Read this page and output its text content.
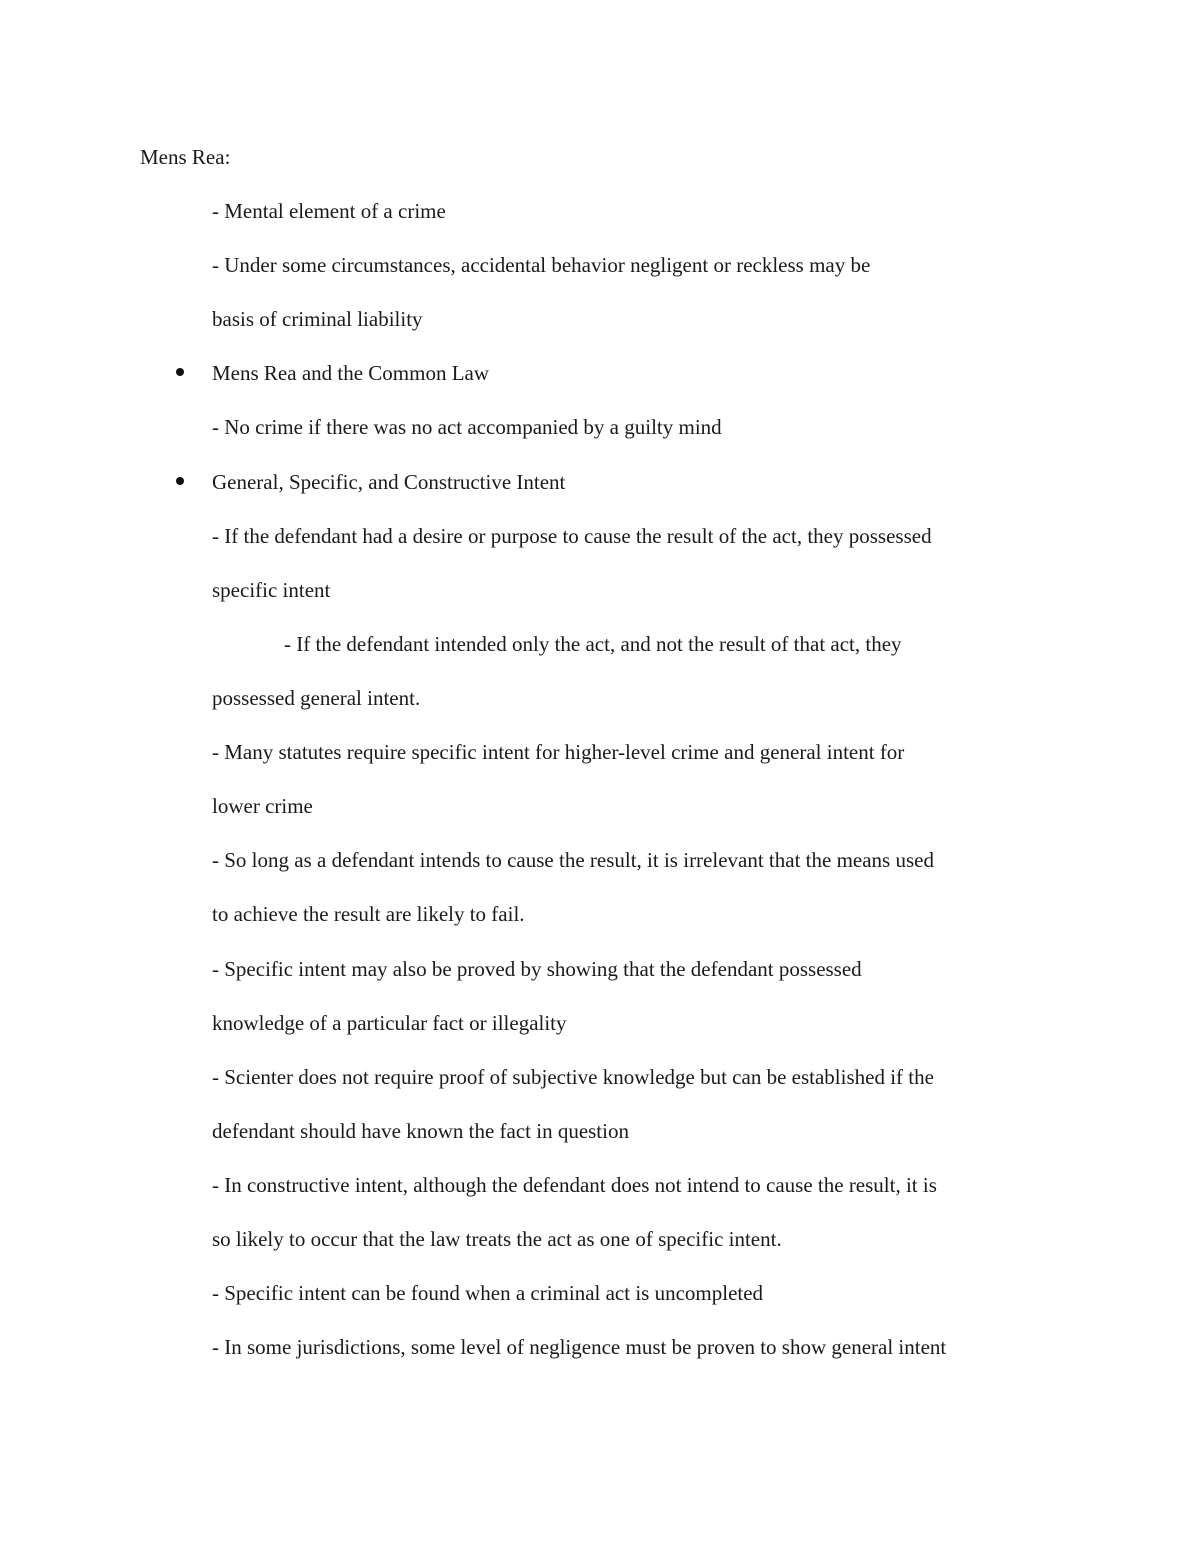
Mens Rea:
- Mental element of a crime
- Under some circumstances, accidental behavior negligent or reckless may be
basis of criminal liability
Mens Rea and the Common Law
- No crime if there was no act accompanied by a guilty mind
General, Specific, and Constructive Intent
- If the defendant had a desire or purpose to cause the result of the act, they possessed
specific intent
- If the defendant intended only the act, and not the result of that act, they
possessed general intent.
- Many statutes require specific intent for higher-level crime and general intent for
lower crime
- So long as a defendant intends to cause the result, it is irrelevant that the means used
to achieve the result are likely to fail.
- Specific intent may also be proved by showing that the defendant possessed
knowledge of a particular fact or illegality
- Scienter does not require proof of subjective knowledge but can be established if the
defendant should have known the fact in question
- In constructive intent, although the defendant does not intend to cause the result, it is
so likely to occur that the law treats the act as one of specific intent.
- Specific intent can be found when a criminal act is uncompleted
- In some jurisdictions, some level of negligence must be proven to show general intent
